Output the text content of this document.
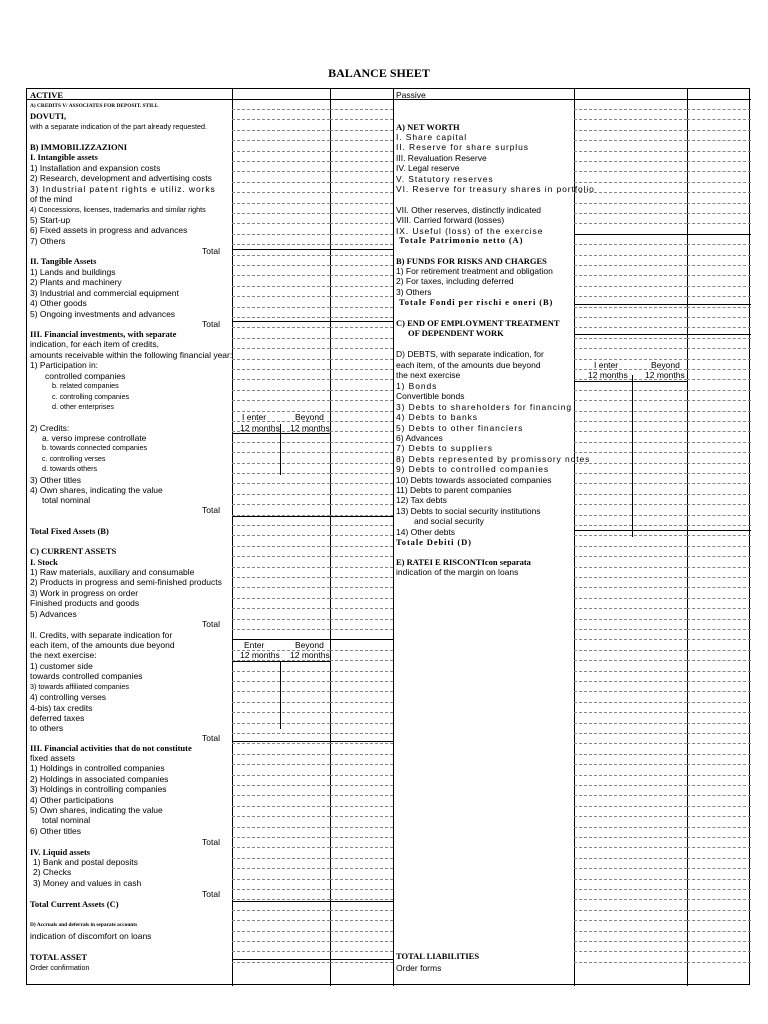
BALANCE SHEET
ACTIVE	Passive
A) CREDITS V/ ASSOCIATES FOR DEPOSIT. STILL
DOVUTI,
with a separate indication of the part already requested.
B) IMMOBILIZZAZIONI
I. Intangible assets
1) Installation and expansion costs
2) Research, development and advertising costs
3) Industrial patent rights e utiliz. works
of the mind
4) Concessions, licenses, trademarks and similar rights
5) Start-up
6) Fixed assets in progress and advances
7) Others
Total
II. Tangible Assets
1) Lands and buildings
2) Plants and machinery
3) Industrial and commercial equipment
4) Other goods
5) Ongoing investments and advances
Total
III. Financial investments, with separate
indication, for each item of credits,
amounts receivable within the following financial year:
1) Participation in:
controlled companies
b. related companies
c. controlling companies
d. other enterprises
I enter	Beyond
12 months 12 months
2) Credits:
a. verso imprese controllate
b. towards connected companies
c. controlling verses
d. towards others
3) Other titles
4) Own shares, indicating the value
total nominal
Total
Total Fixed Assets (B)
C) CURRENT ASSETS
I. Stock
1) Raw materials, auxiliary and consumable
2) Products in progress and semi-finished products
3) Work in progress on order
Finished products and goods
5) Advances
Total
II. Credits, with separate indication for
each item, of the amounts due beyond
the next exercise:
Enter	Beyond
12 months 12 months
1) customer side
towards controlled companies
3) towards affiliated companies
4) controlling verses
4-bis) tax credits
deferred taxes
to others
Total
III. Financial activities that do not constitute
fixed assets
1) Holdings in controlled companies
2) Holdings in associated companies
3) Holdings in controlling companies
4) Other participations
5) Own shares, indicating the value
total nominal
6) Other titles
Total
IV. Liquid assets
1) Bank and postal deposits
2) Checks
3) Money and values in cash
Total
Total Current Assets (C)
D) Accruals and deferrals in separate accounts
indication of discomfort on loans
TOTAL ASSET
Order confirmation
A) NET WORTH
I. Share capital
II. Reserve for share surplus
III. Revaluation Reserve
IV. Legal reserve
V. Statutory reserves
VI. Reserve for treasury shares in portfolio
VII. Other reserves, distinctly indicated
VIII. Carried forward (losses)
IX. Useful (loss) of the exercise
Totale Patrimonio netto (A)
B) FUNDS FOR RISKS AND CHARGES
1) For retirement treatment and obligation
2) For taxes, including deferred
3) Others
Totale Fondi per rischi e oneri (B)
C) END OF EMPLOYMENT TREATMENT
OF DEPENDENT WORK
D) DEBTS, with separate indication, for
each item, of the amounts due beyond
the next exercise
I enter	Beyond
12 months 12 months
1) Bonds
Convertible bonds
3) Debts to shareholders for financing
4) Debts to banks
5) Debts to other financiers
6) Advances
7) Debts to suppliers
8) Debts represented by promissory notes
9) Debts to controlled companies
10) Debts towards associated companies
11) Debts to parent companies
12) Tax debts
13) Debts to social security institutions
and social security
14) Other debts
Totale Debiti (D)
E) RATEI E RISCONTIcon separata
indication of the margin on loans
TOTAL LIABILITIES
Order forms
